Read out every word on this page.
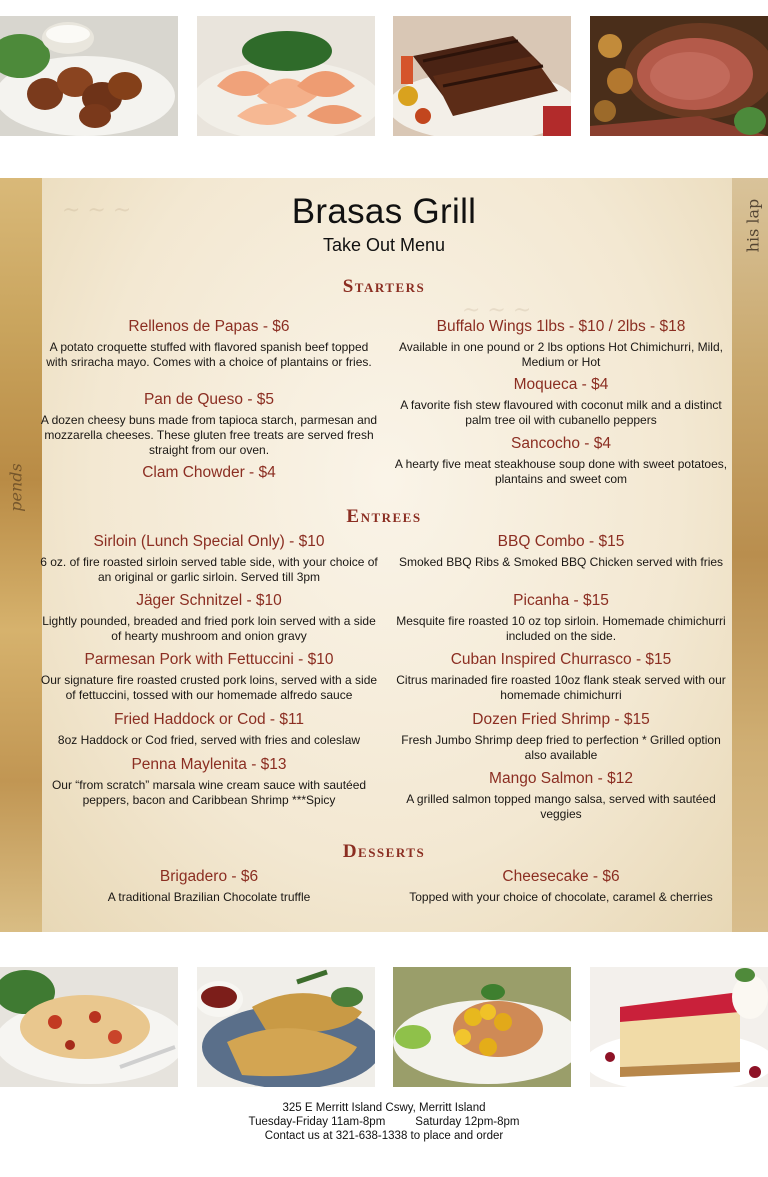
pends
~ ~ ~
~ ~ ~
his lap
Brasas Grill
Take Out Menu
Starters
Rellenos de Papas - $6
A potato croquette stuffed with flavored spanish beef topped with sriracha mayo. Comes with a choice of plantains or fries.
Pan de Queso - $5
A dozen cheesy buns made from tapioca starch, parmesan and mozzarella cheeses. These gluten free treats are served fresh straight from our oven.
Clam Chowder - $4
Buffalo Wings 1lbs - $10 / 2lbs - $18
Available in one pound or 2 lbs options Hot Chimichurri, Mild, Medium or Hot
Moqueca - $4
A favorite fish stew flavoured with coconut milk and a distinct palm tree oil with cubanello peppers
Sancocho - $4
A hearty five meat steakhouse soup done with sweet potatoes, plantains and sweet com
Entrees
Sirloin (Lunch Special Only) - $10
6 oz. of fire roasted sirloin served table side, with your choice of an original or garlic sirloin. Served till 3pm
Jäger Schnitzel - $10
Lightly pounded, breaded and fried pork loin served with a side of hearty mushroom and onion gravy
Parmesan Pork with Fettuccini - $10
Our signature fire roasted crusted pork loins, served with a side of fettuccini, tossed with our homemade alfredo sauce
Fried Haddock or Cod - $11
8oz Haddock or Cod fried, served with fries and coleslaw
Penna Maylenita - $13
Our “from scratch” marsala wine cream sauce with sautéed peppers, bacon and Caribbean Shrimp ***Spicy
BBQ Combo - $15
Smoked BBQ Ribs & Smoked BBQ Chicken served with fries
Picanha - $15
Mesquite fire roasted 10 oz top sirloin. Homemade chimichurri included on the side.
Cuban Inspired Churrasco - $15
Citrus marinaded fire roasted 10oz flank steak served with our homemade chimichurri
Dozen Fried Shrimp - $15
Fresh Jumbo Shrimp deep fried to perfection * Grilled option also available
Mango Salmon - $12
A grilled salmon topped mango salsa, served with sautéed veggies
Desserts
Brigadero - $6
A traditional Brazilian Chocolate truffle
Cheesecake - $6
Topped with your choice of chocolate, caramel & cherries
325 E Merritt Island Cswy, Merritt Island
Tuesday-Friday 11am-8pm	Saturday 12pm-8pm
Contact us at 321-638-1338 to place and order
